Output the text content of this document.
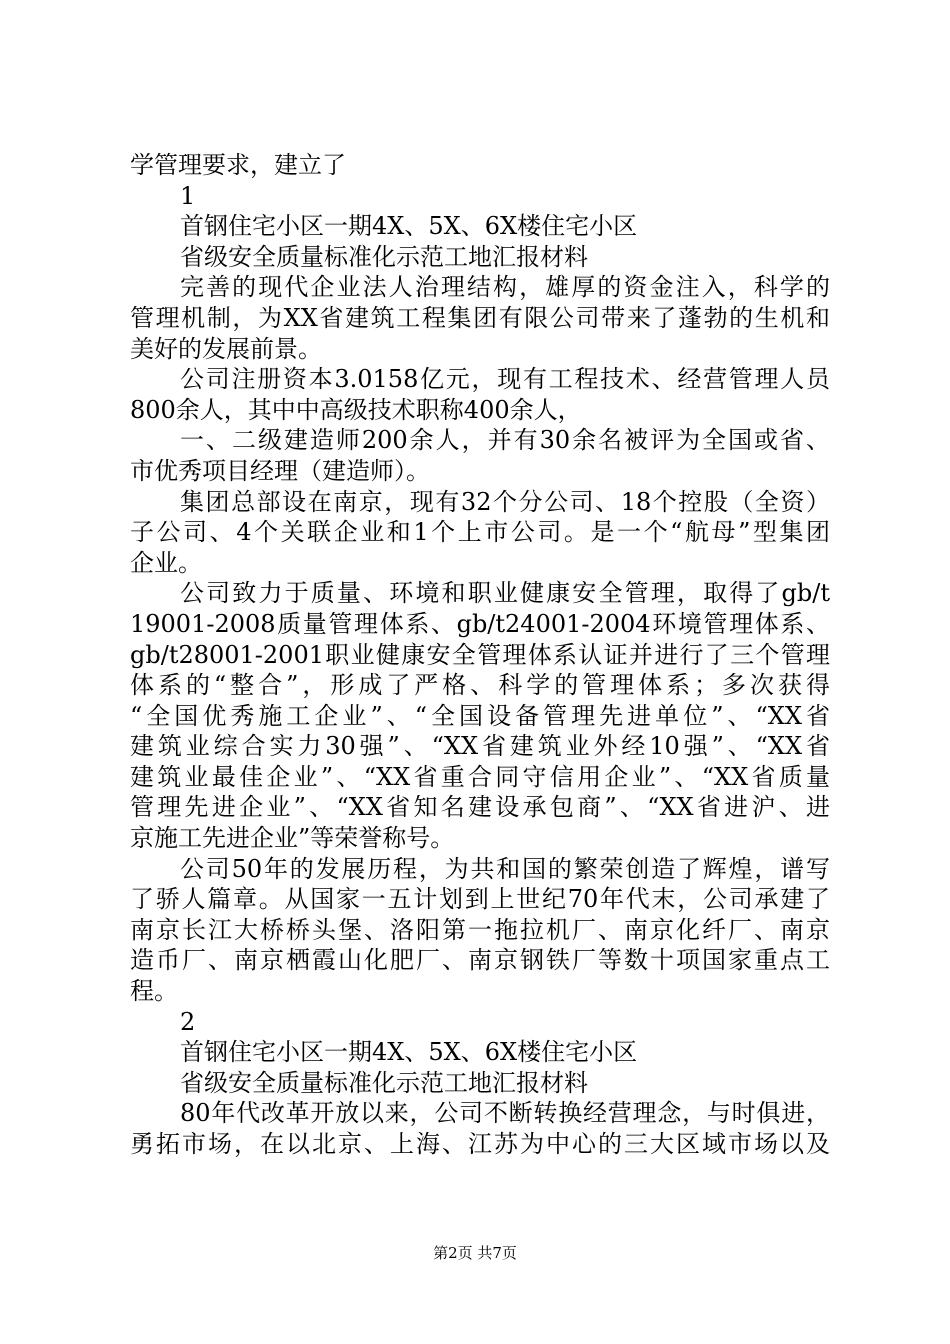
学管理要求，建立了
1
首钢住宅小区一期4X、5X、6X楼住宅小区
省级安全质量标准化示范工地汇报材料
完善的现代企业法人治理结构，雄厚的资金注入，科学的
管理机制，为XX省建筑工程集团有限公司带来了蓬勃的生机和
美好的发展前景。
公司注册资本3.0158亿元，现有工程技术、经营管理人员
800余人，其中中高级技术职称400余人，
一、二级建造师200余人，并有30余名被评为全国或省、
市优秀项目经理（建造师）。
集团总部设在南京，现有32个分公司、18个控股（全资）
子公司、4个关联企业和1个上市公司。是一个“航母”型集团
企业。
公司致力于质量、环境和职业健康安全管理，取得了gb/t
19001-2008质量管理体系、gb/t24001-2004环境管理体系、
gb/t28001-2001职业健康安全管理体系认证并进行了三个管理
体系的“整合”，形成了严格、科学的管理体系；多次获得
“全国优秀施工企业”、“全国设备管理先进单位”、“XX省
建筑业综合实力30强”、“XX省建筑业外经10强”、“XX省
建筑业最佳企业”、“XX省重合同守信用企业”、“XX省质量
管理先进企业”、“XX省知名建设承包商”、“XX省进沪、进
京施工先进企业”等荣誉称号。
公司50年的发展历程，为共和国的繁荣创造了辉煌，谱写
了骄人篇章。从国家一五计划到上世纪70年代末，公司承建了
南京长江大桥桥头堡、洛阳第一拖拉机厂、南京化纤厂、南京
造币厂、南京栖霞山化肥厂、南京钢铁厂等数十项国家重点工
程。
2
首钢住宅小区一期4X、5X、6X楼住宅小区
省级安全质量标准化示范工地汇报材料
80年代改革开放以来，公司不断转换经营理念，与时俱进，
勇拓市场，在以北京、上海、江苏为中心的三大区域市场以及
第2页 共7页
